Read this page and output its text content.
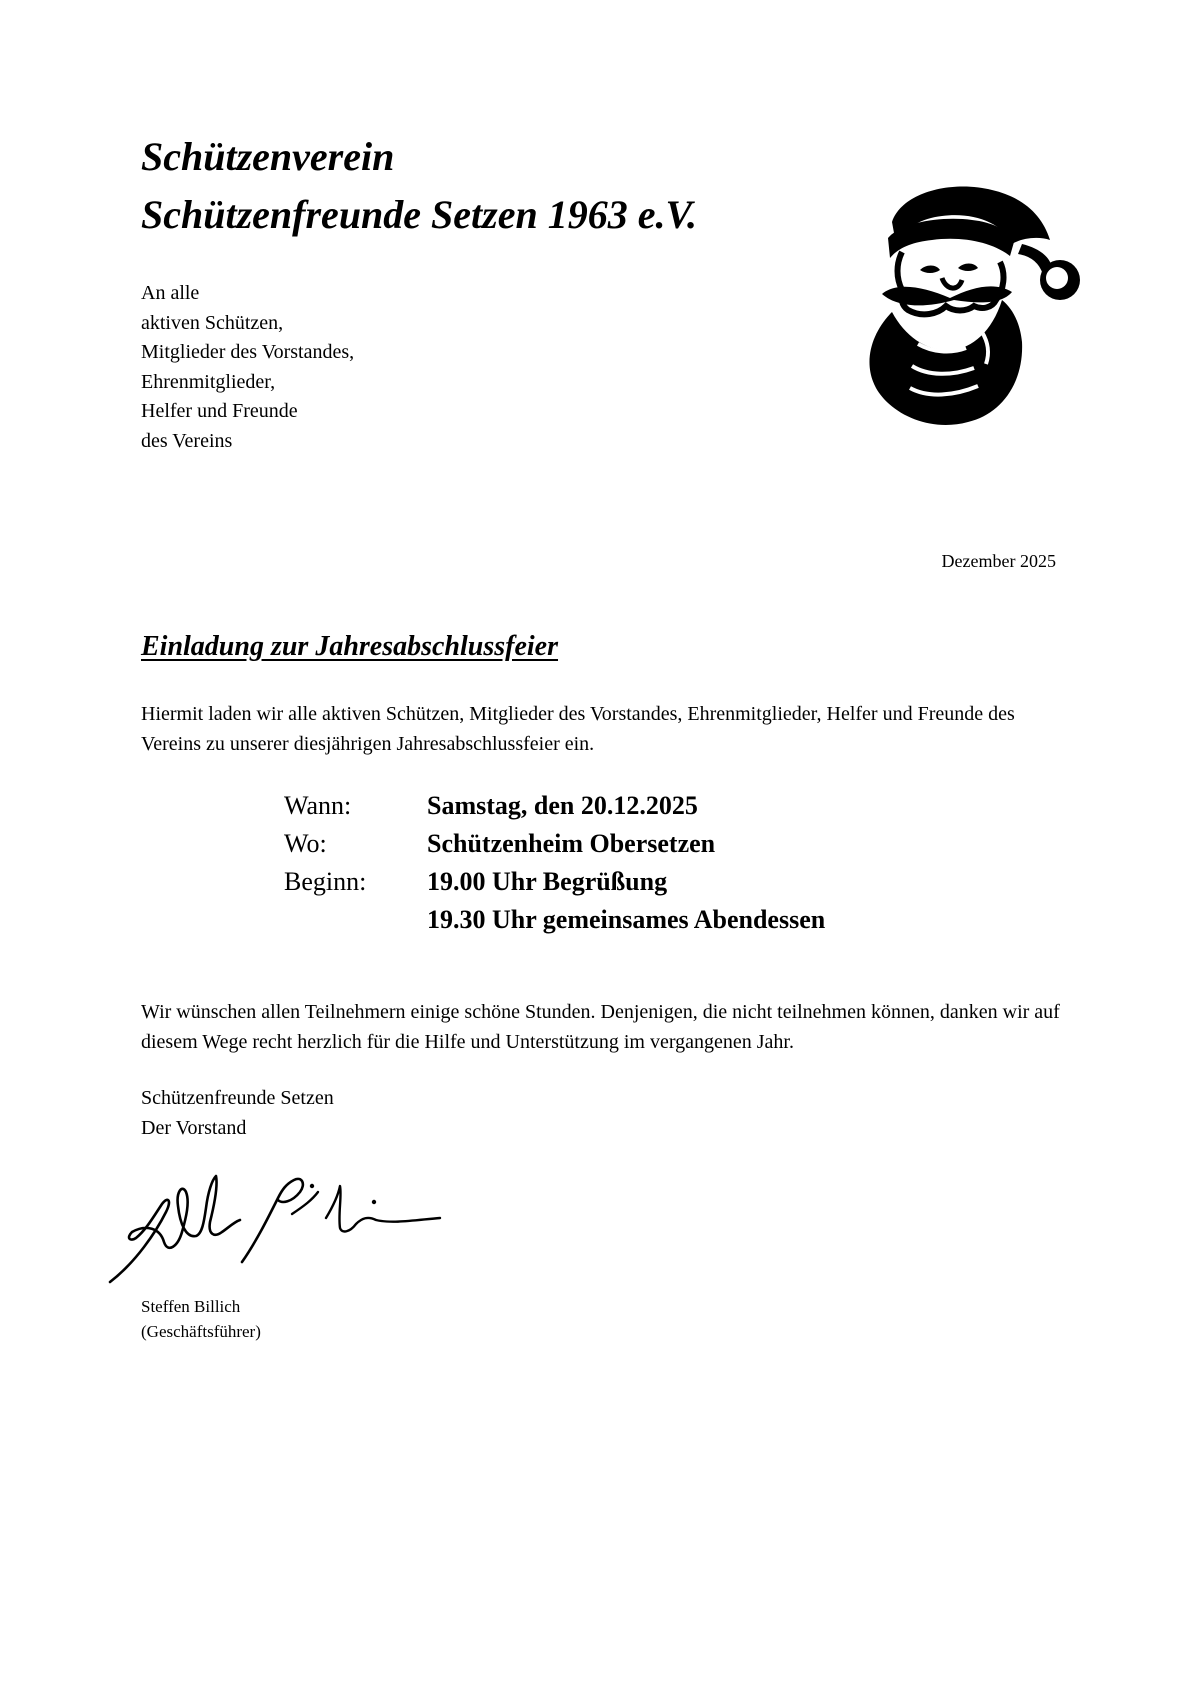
Schützenverein
Schützenfreunde Setzen 1963 e.V.
An alle
aktiven Schützen,
Mitglieder des Vorstandes,
Ehrenmitglieder,
Helfer und Freunde
des Vereins
Dezember 2025
Einladung zur Jahresabschlussfeier

Hiermit laden wir alle aktiven Schützen, Mitglieder des Vorstandes, Ehrenmitglieder, Helfer und Freunde des Vereins zu unserer diesjährigen Jahresabschlussfeier ein.

Wann:	Samstag, den 20.12.2025
Wo:	Schützenheim Obersetzen
Beginn:	19.00 Uhr Begrüßung
19.30 Uhr gemeinsames Abendessen

Wir wünschen allen Teilnehmern einige schöne Stunden. Denjenigen, die nicht teilnehmen können, danken wir auf diesem Wege recht herzlich für die Hilfe und Unterstützung im vergangenen Jahr.

Schützenfreunde Setzen
Der Vorstand
Steffen Billich
(Geschäftsführer)
